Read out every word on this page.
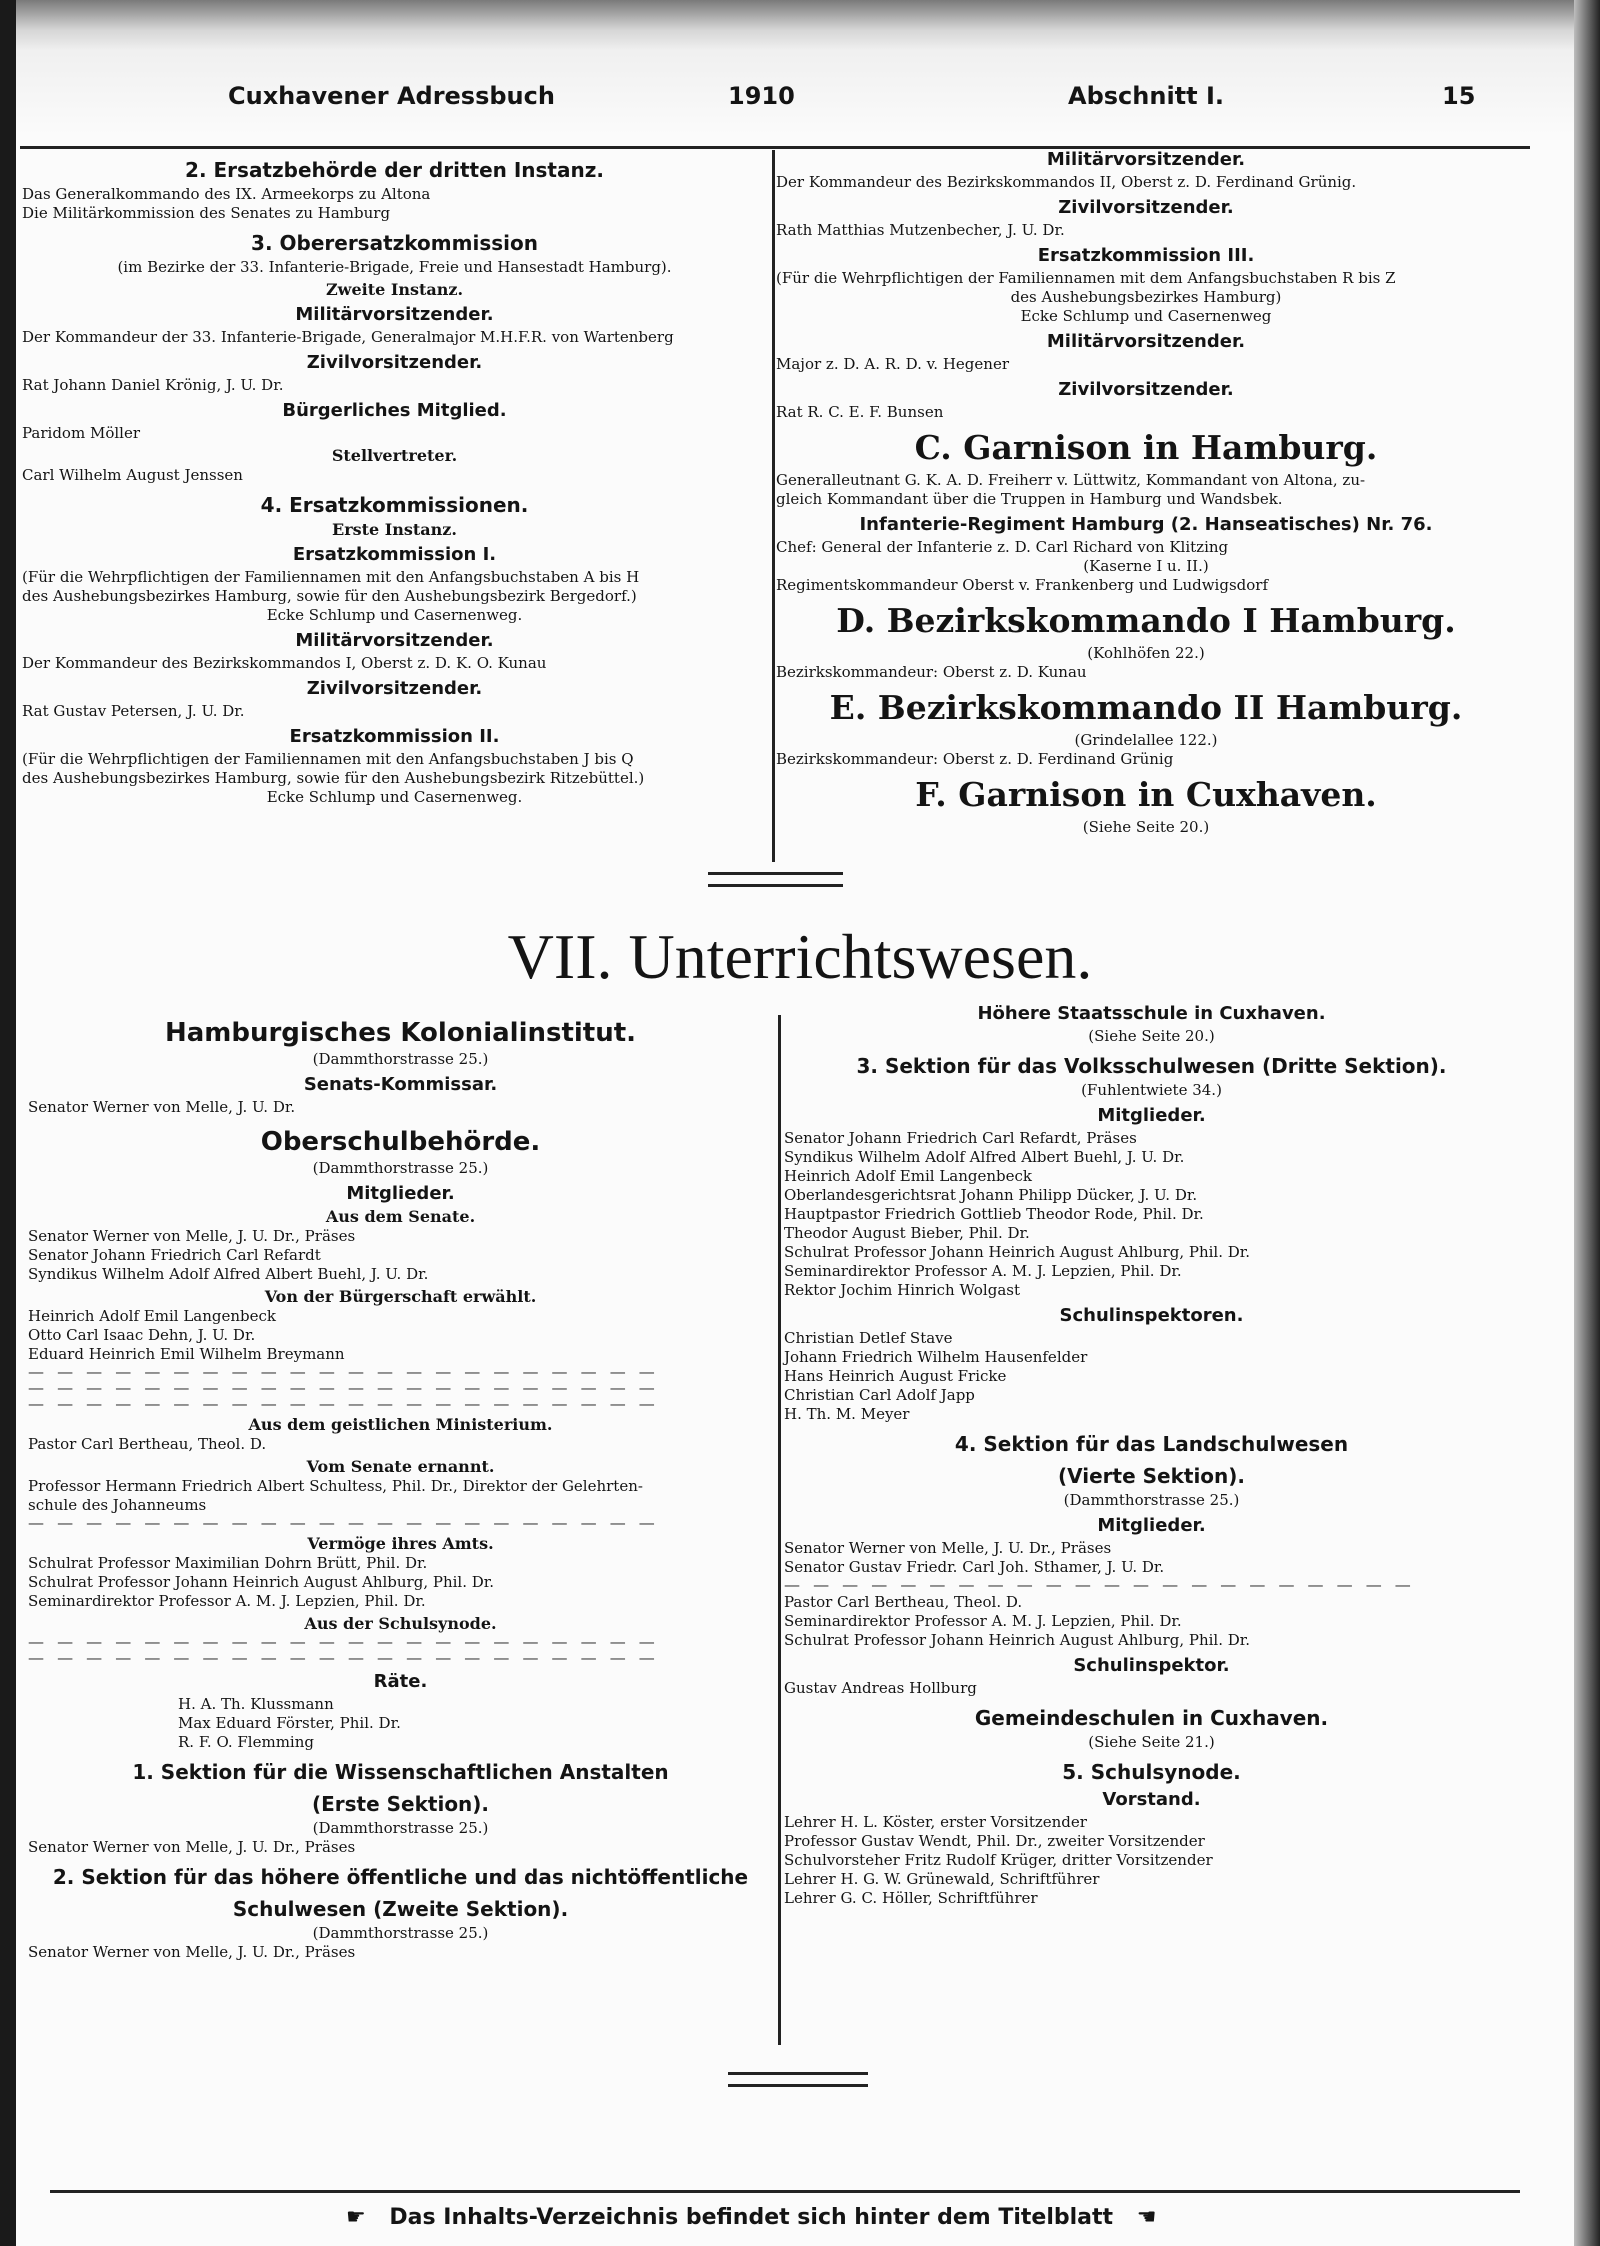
Cuxhavener Adressbuch	1910	Abschnitt I.	15
2. Ersatzbehörde der dritten Instanz.
Das Generalkommando des IX. Armeekorps zu Altona
Die Militärkommission des Senates zu Hamburg
3. Oberersatzkommission
(im Bezirke der 33. Infanterie-Brigade, Freie und Hansestadt Hamburg).
Zweite Instanz.
Militärvorsitzender.
Der Kommandeur der 33. Infanterie-Brigade, Generalmajor M.H.F.R. von Wartenberg
Zivilvorsitzender.
Rat Johann Daniel Krönig, J. U. Dr.
Bürgerliches Mitglied.
Paridom Möller
Stellvertreter.
Carl Wilhelm August Jenssen
4. Ersatzkommissionen.
Erste Instanz.
Ersatzkommission I.
(Für die Wehrpflichtigen der Familiennamen mit den Anfangsbuchstaben A bis H
des Aushebungsbezirkes Hamburg, sowie für den Aushebungsbezirk Bergedorf.)
Ecke Schlump und Casernenweg.
Militärvorsitzender.
Der Kommandeur des Bezirkskommandos I, Oberst z. D. K. O. Kunau
Zivilvorsitzender.
Rat Gustav Petersen, J. U. Dr.
Ersatzkommission II.
(Für die Wehrpflichtigen der Familiennamen mit den Anfangsbuchstaben J bis Q
des Aushebungsbezirkes Hamburg, sowie für den Aushebungsbezirk Ritzebüttel.)
Ecke Schlump und Casernenweg.
Militärvorsitzender.
Der Kommandeur des Bezirkskommandos II, Oberst z. D. Ferdinand Grünig.
Zivilvorsitzender.
Rath Matthias Mutzenbecher, J. U. Dr.
Ersatzkommission III.
(Für die Wehrpflichtigen der Familiennamen mit dem Anfangsbuchstaben R bis Z
des Aushebungsbezirkes Hamburg)
Ecke Schlump und Casernenweg
Militärvorsitzender.
Major z. D. A. R. D. v. Hegener
Zivilvorsitzender.
Rat R. C. E. F. Bunsen
C. Garnison in Hamburg.
Generalleutnant G. K. A. D. Freiherr v. Lüttwitz, Kommandant von Altona, zu-
gleich Kommandant über die Truppen in Hamburg und Wandsbek.
Infanterie-Regiment Hamburg (2. Hanseatisches) Nr. 76.
Chef: General der Infanterie z. D. Carl Richard von Klitzing
(Kaserne I u. II.)
Regimentskommandeur Oberst v. Frankenberg und Ludwigsdorf
D. Bezirkskommando I Hamburg.
(Kohlhöfen 22.)
Bezirkskommandeur: Oberst z. D. Kunau
E. Bezirkskommando II Hamburg.
(Grindelallee 122.)
Bezirkskommandeur: Oberst z. D. Ferdinand Grünig
F. Garnison in Cuxhaven.
(Siehe Seite 20.)
VII. Unterrichtswesen.
Hamburgisches Kolonialinstitut.
(Dammthorstrasse 25.)
Senats-Kommissar.
Senator Werner von Melle, J. U. Dr.
Oberschulbehörde.
(Dammthorstrasse 25.)
Mitglieder.
Aus dem Senate.
Senator Werner von Melle, J. U. Dr., Präses
Senator Johann Friedrich Carl Refardt
Syndikus Wilhelm Adolf Alfred Albert Buehl, J. U. Dr.
Von der Bürgerschaft erwählt.
Heinrich Adolf Emil Langenbeck
Otto Carl Isaac Dehn, J. U. Dr.
Eduard Heinrich Emil Wilhelm Breymann
— — — — — — — — — — — — — — — — — — — — — —
— — — — — — — — — — — — — — — — — — — — — —
— — — — — — — — — — — — — — — — — — — — — —
Aus dem geistlichen Ministerium.
Pastor Carl Bertheau, Theol. D.
Vom Senate ernannt.
Professor Hermann Friedrich Albert Schultess, Phil. Dr., Direktor der Gelehrten-
schule des Johanneums
— — — — — — — — — — — — — — — — — — — — — —
Vermöge ihres Amts.
Schulrat Professor Maximilian Dohrn Brütt, Phil. Dr.
Schulrat Professor Johann Heinrich August Ahlburg, Phil. Dr.
Seminardirektor Professor A. M. J. Lepzien, Phil. Dr.
Aus der Schulsynode.
— — — — — — — — — — — — — — — — — — — — — —
— — — — — — — — — — — — — — — — — — — — — —
Räte.
H. A. Th. Klussmann
Max Eduard Förster, Phil. Dr.
R. F. O. Flemming
1. Sektion für die Wissenschaftlichen Anstalten
(Erste Sektion).
(Dammthorstrasse 25.)
Senator Werner von Melle, J. U. Dr., Präses
2. Sektion für das höhere öffentliche und das nichtöffentliche
Schulwesen (Zweite Sektion).
(Dammthorstrasse 25.)
Senator Werner von Melle, J. U. Dr., Präses
Höhere Staatsschule in Cuxhaven.
(Siehe Seite 20.)
3. Sektion für das Volksschulwesen (Dritte Sektion).
(Fuhlentwiete 34.)
Mitglieder.
Senator Johann Friedrich Carl Refardt, Präses
Syndikus Wilhelm Adolf Alfred Albert Buehl, J. U. Dr.
Heinrich Adolf Emil Langenbeck
Oberlandesgerichtsrat Johann Philipp Dücker, J. U. Dr.
Hauptpastor Friedrich Gottlieb Theodor Rode, Phil. Dr.
Theodor August Bieber, Phil. Dr.
Schulrat Professor Johann Heinrich August Ahlburg, Phil. Dr.
Seminardirektor Professor A. M. J. Lepzien, Phil. Dr.
Rektor Jochim Hinrich Wolgast
Schulinspektoren.
Christian Detlef Stave
Johann Friedrich Wilhelm Hausenfelder
Hans Heinrich August Fricke
Christian Carl Adolf Japp
H. Th. M. Meyer
4. Sektion für das Landschulwesen
(Vierte Sektion).
(Dammthorstrasse 25.)
Mitglieder.
Senator Werner von Melle, J. U. Dr., Präses
Senator Gustav Friedr. Carl Joh. Sthamer, J. U. Dr.
— — — — — — — — — — — — — — — — — — — — — —
Pastor Carl Bertheau, Theol. D.
Seminardirektor Professor A. M. J. Lepzien, Phil. Dr.
Schulrat Professor Johann Heinrich August Ahlburg, Phil. Dr.
Schulinspektor.
Gustav Andreas Hollburg
Gemeindeschulen in Cuxhaven.
(Siehe Seite 21.)
5. Schulsynode.
Vorstand.
Lehrer H. L. Köster, erster Vorsitzender
Professor Gustav Wendt, Phil. Dr., zweiter Vorsitzender
Schulvorsteher Fritz Rudolf Krüger, dritter Vorsitzender
Lehrer H. G. W. Grünewald, Schriftführer
Lehrer G. C. Höller, Schriftführer
☛ Das Inhalts-Verzeichnis befindet sich hinter dem Titelblatt ☚
